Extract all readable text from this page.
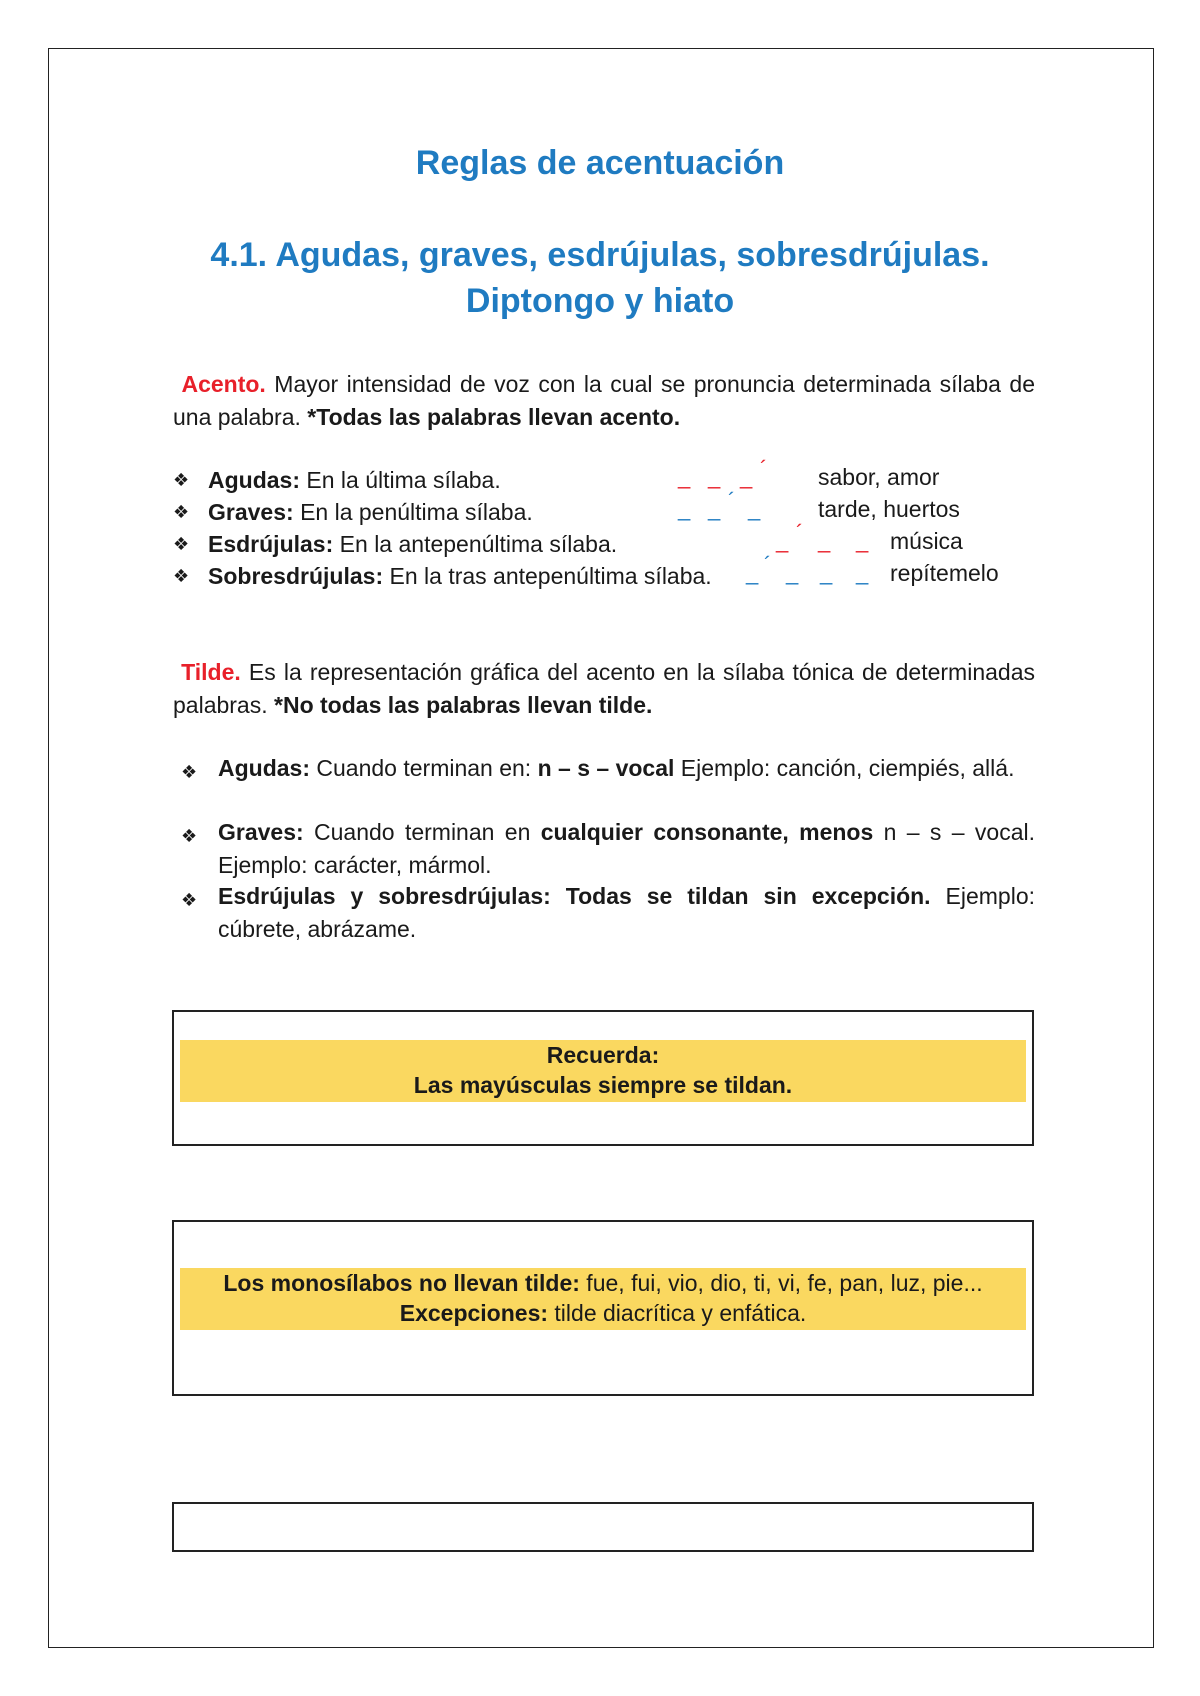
Reglas de acentuación
4.1. Agudas, graves, esdrújulas, sobresdrújulas.
Diptongo y hiato
Acento. Mayor intensidad de voz con la cual se pronuncia determinada sílaba de una palabra. *Todas las palabras llevan acento.
❖ Agudas: En la última sílaba.
❖ Graves: En la penúltima sílaba.
❖ Esdrújulas: En la antepenúltima sílaba.
❖ Sobresdrújulas: En la tras antepenúltima sílaba.
_ _ _ ´
_ _ ´ _
_ ´ _ _
_ ´ _ _ _
sabor, amor
tarde, huertos
música
repítemelo
Tilde. Es la representación gráfica del acento en la sílaba tónica de determinadas palabras. *No todas las palabras llevan tilde.
❖ Agudas: Cuando terminan en: n – s – vocal Ejemplo: canción, ciempiés, allá.
❖ Graves: Cuando terminan en cualquier consonante, menos n – s – vocal. Ejemplo: carácter, mármol.
❖ Esdrújulas y sobresdrújulas: Todas se tildan sin excepción. Ejemplo: cúbrete, abrázame.
Recuerda:
Las mayúsculas siempre se tildan.
Los monosílabos no llevan tilde: fue, fui, vio, dio, ti, vi, fe, pan, luz, pie...
Excepciones: tilde diacrítica y enfática.
